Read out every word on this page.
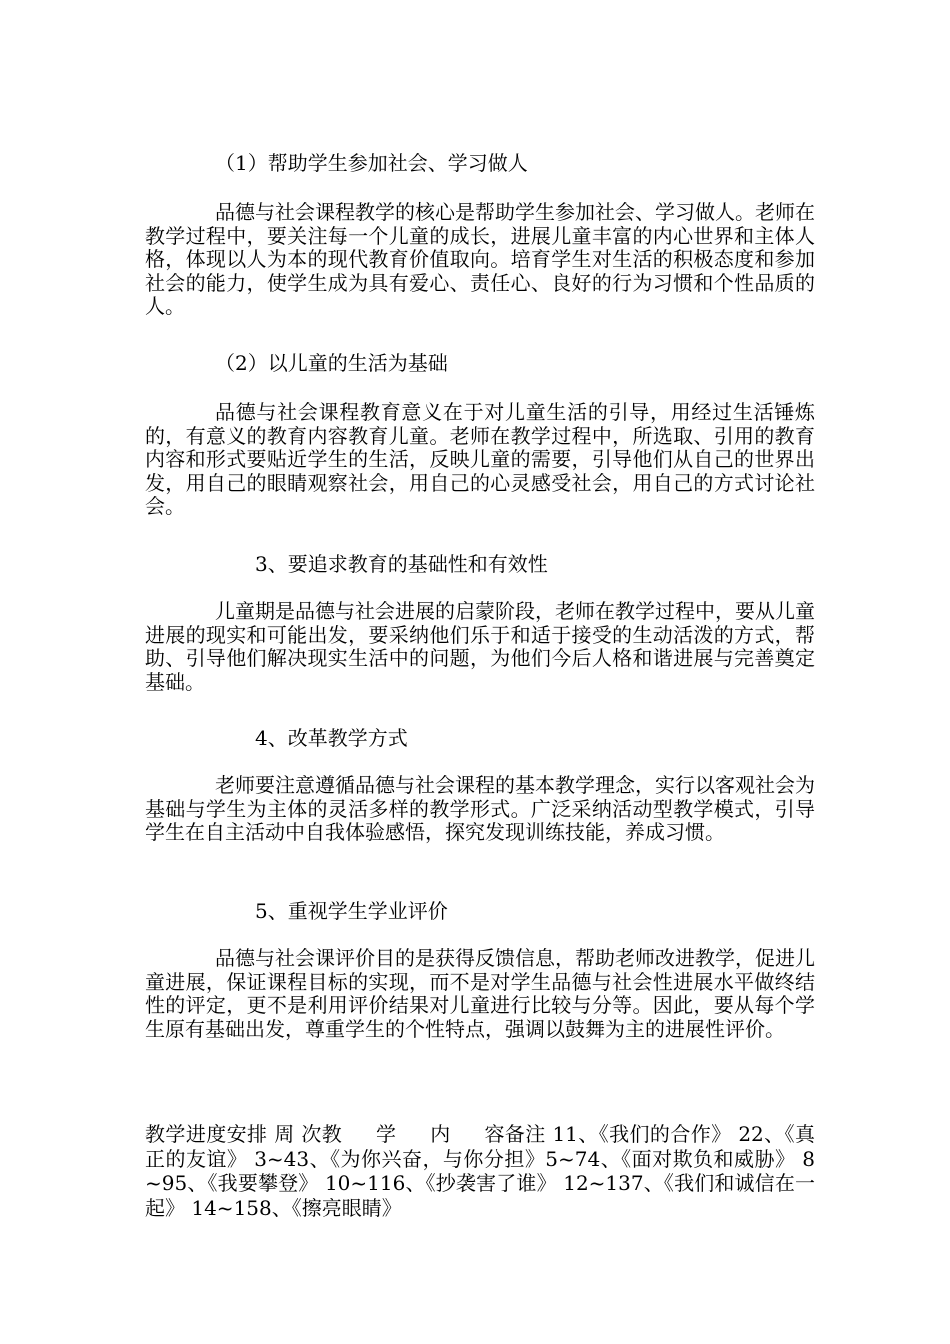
（1）帮助学生参加社会、学习做人
品德与社会课程教学的核心是帮助学生参加社会、学习做人。老师在教学过程中，要关注每一个儿童的成长，进展儿童丰富的内心世界和主体人格，体现以人为本的现代教育价值取向。培育学生对生活的积极态度和参加社会的能力，使学生成为具有爱心、责任心、良好的行为习惯和个性品质的人。
（2）以儿童的生活为基础
品德与社会课程教育意义在于对儿童生活的引导，用经过生活锤炼的，有意义的教育内容教育儿童。老师在教学过程中，所选取、引用的教育内容和形式要贴近学生的生活，反映儿童的需要，引导他们从自己的世界出发，用自己的眼睛观察社会，用自己的心灵感受社会，用自己的方式讨论社会。
3、要追求教育的基础性和有效性
儿童期是品德与社会进展的启蒙阶段，老师在教学过程中，要从儿童进展的现实和可能出发，要采纳他们乐于和适于接受的生动活泼的方式，帮助、引导他们解决现实生活中的问题，为他们今后人格和谐进展与完善奠定基础。
4、改革教学方式
老师要注意遵循品德与社会课程的基本教学理念，实行以客观社会为基础与学生为主体的灵活多样的教学形式。广泛采纳活动型教学模式，引导学生在自主活动中自我体验感悟，探究发现训练技能，养成习惯。
5、重视学生学业评价
品德与社会课评价目的是获得反馈信息，帮助老师改进教学，促进儿童进展，保证课程目标的实现，而不是对学生品德与社会性进展水平做终结性的评定，更不是利用评价结果对儿童进行比较与分等。因此，要从每个学生原有基础出发，尊重学生的个性特点，强调以鼓舞为主的进展性评价。
教学进度安排 周 次教     学     内     容备注 11、《我们的合作》 22、《真正的友谊》 3~43、《为你兴奋，与你分担》5~74、《面对欺负和威胁》 8~95、《我要攀登》 10~116、《抄袭害了谁》 12~137、《我们和诚信在一起》 14~158、《擦亮眼睛》
